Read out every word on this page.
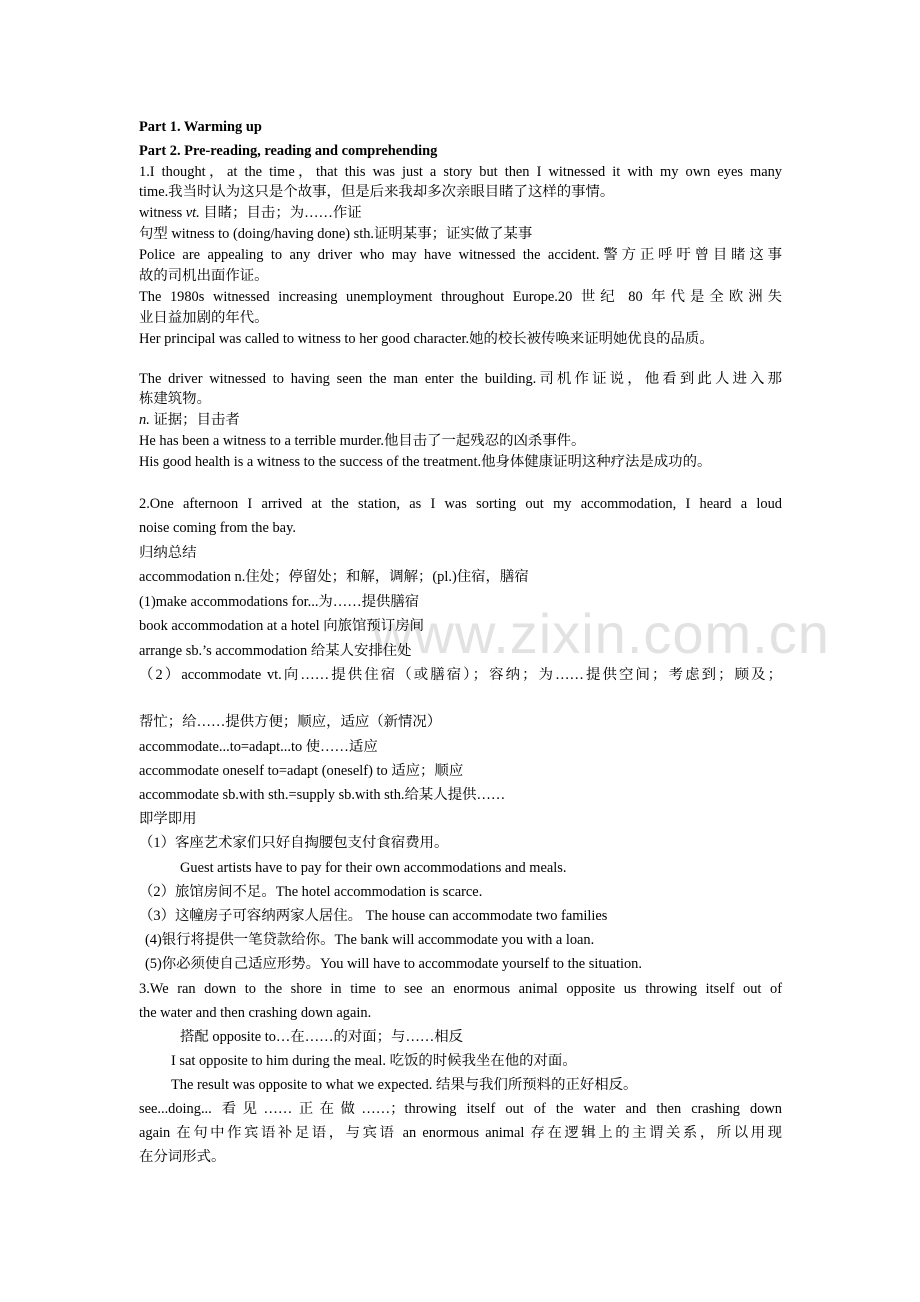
www.zixin.com.cn
Part 1. Warming up
Part 2. Pre-reading, reading and comprehending
1.I thought，at the time，that this was just a story but then I witnessed it with my own eyes many
time.我当时认为这只是个故事，但是后来我却多次亲眼目睹了这样的事情。
witness vt. 目睹；目击；为……作证
句型 witness to (doing/having done) sth.证明某事；证实做了某事
Police are appealing to any driver who may have witnessed the accident.警方正呼吁曾目睹这事
故的司机出面作证。
The 1980s witnessed increasing unemployment throughout Europe.20 世纪 80 年代是全欧洲失
业日益加剧的年代。
Her principal was called to witness to her good character.她的校长被传唤来证明她优良的品质。
The driver witnessed to having seen the man enter the building.司机作证说，他看到此人进入那
栋建筑物。
n. 证据；目击者
He has been a witness to a terrible murder.他目击了一起残忍的凶杀事件。
His good health is a witness to the success of the treatment.他身体健康证明这种疗法是成功的。
2.One afternoon I arrived at the station, as I was sorting out my accommodation, I heard a loud
noise coming from the bay.
归纳总结
accommodation n.住处；停留处；和解，调解；(pl.)住宿，膳宿
(1)make accommodations for...为……提供膳宿
book accommodation at a hotel 向旅馆预订房间
arrange sb.’s accommodation 给某人安排住处
（2）accommodate vt.向……提供住宿（或膳宿）；容纳；为……提供空间；考虑到；顾及；
帮忙；给……提供方便；顺应，适应（新情况）
accommodate...to=adapt...to 使……适应
accommodate oneself to=adapt (oneself) to 适应；顺应
accommodate sb.with sth.=supply sb.with sth.给某人提供……
即学即用
（1）客座艺术家们只好自掏腰包支付食宿费用。
Guest artists have to pay for their own accommodations and meals.
（2）旅馆房间不足。The hotel accommodation is scarce.
（3）这幢房子可容纳两家人居住。 The house can accommodate two families
(4)银行将提供一笔贷款给你。The bank will accommodate you with a loan.
(5)你必须使自己适应形势。You will have to accommodate yourself to the situation.
3.We ran down to the shore in time to see an enormous animal opposite us throwing itself out of
the water and then crashing down again.
搭配 opposite to…在……的对面；与……相反
I sat opposite to him during the meal. 吃饭的时候我坐在他的对面。
The result was opposite to what we expected. 结果与我们所预料的正好相反。
see...doing... 看见……正在做……；throwing itself out of the water and then crashing down
again 在句中作宾语补足语，与宾语 an enormous animal 存在逻辑上的主谓关系，所以用现
在分词形式。
